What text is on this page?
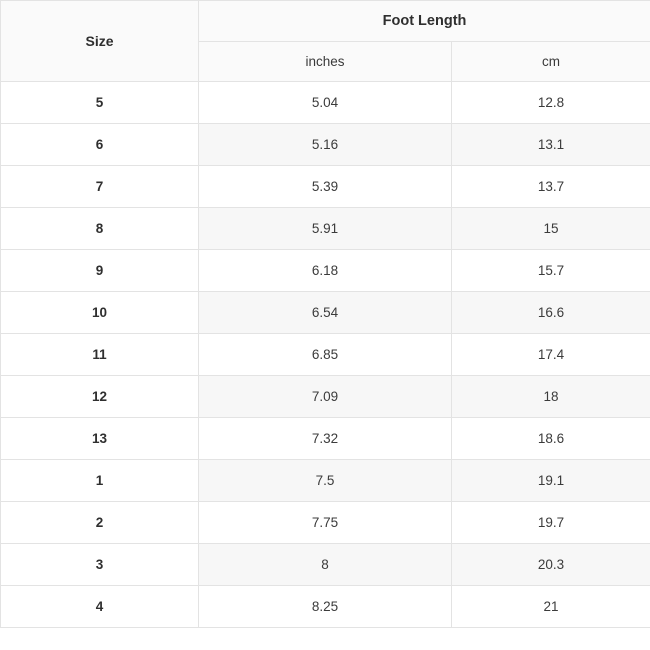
Size	Foot Length	
	inches	cm
5	5.04	12.8
6	5.16	13.1
7	5.39	13.7
8	5.91	15
9	6.18	15.7
10	6.54	16.6
11	6.85	17.4
12	7.09	18
13	7.32	18.6
1	7.5	19.1
2	7.75	19.7
3	8	20.3
4	8.25	21
